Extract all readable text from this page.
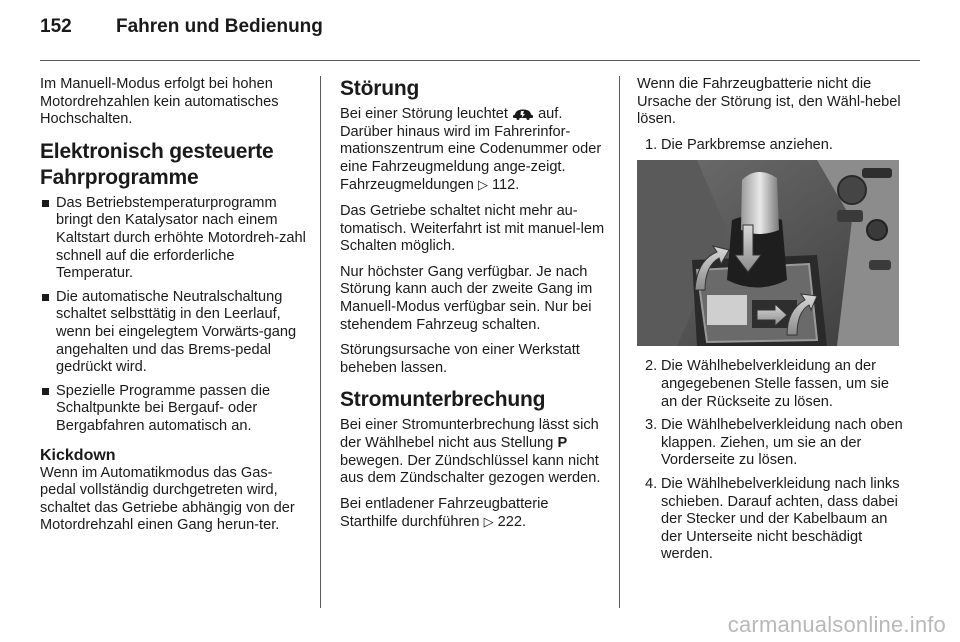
152	Fahren und Bedienung

Im Manuell-Modus erfolgt bei hohen Motordrehzahlen kein automatisches Hochschalten.

Elektronisch gesteuerte Fahrprogramme
Das Betriebstemperaturprogramm bringt den Katalysator nach einem Kaltstart durch erhöhte Motordreh-zahl schnell auf die erforderliche Temperatur.
Die automatische Neutralschaltung schaltet selbsttätig in den Leerlauf, wenn bei eingelegtem Vorwärts-gang angehalten und das Brems-pedal gedrückt wird.
Spezielle Programme passen die Schaltpunkte bei Bergauf- oder Bergabfahren automatisch an.
Kickdown

Wenn im Automatikmodus das Gas-pedal vollständig durchgetreten wird, schaltet das Getriebe abhängig von der Motordrehzahl einen Gang herun-ter.

Störung

Bei einer Störung leuchtet auf. Darüber hinaus wird im Fahrerinfor-mationszentrum eine Codenummer oder eine Fahrzeugmeldung ange-zeigt. Fahrzeugmeldungen ▷ 112.

Das Getriebe schaltet nicht mehr au-tomatisch. Weiterfahrt ist mit manuel-lem Schalten möglich.

Nur höchster Gang verfügbar. Je nach Störung kann auch der zweite Gang im Manuell-Modus verfügbar sein. Nur bei stehendem Fahrzeug schalten.

Störungsursache von einer Werkstatt beheben lassen.

Stromunterbrechung

Bei einer Stromunterbrechung lässt sich der Wählhebel nicht aus Stellung P bewegen. Der Zündschlüssel kann nicht aus dem Zündschalter gezogen werden.

Bei entladener Fahrzeugbatterie Starthilfe durchführen ▷ 222.

Wenn die Fahrzeugbatterie nicht die Ursache der Störung ist, den Wähl-hebel lösen.

1. Die Parkbremse anziehen.
2. Die Wählhebelverkleidung an der angegebenen Stelle fassen, um sie an der Rückseite zu lösen.
3. Die Wählhebelverkleidung nach oben klappen. Ziehen, um sie an der Vorderseite zu lösen.
4. Die Wählhebelverkleidung nach links schieben. Darauf achten, dass dabei der Stecker und der Kabelbaum an der Unterseite nicht beschädigt werden.
carmanualsonline.info
